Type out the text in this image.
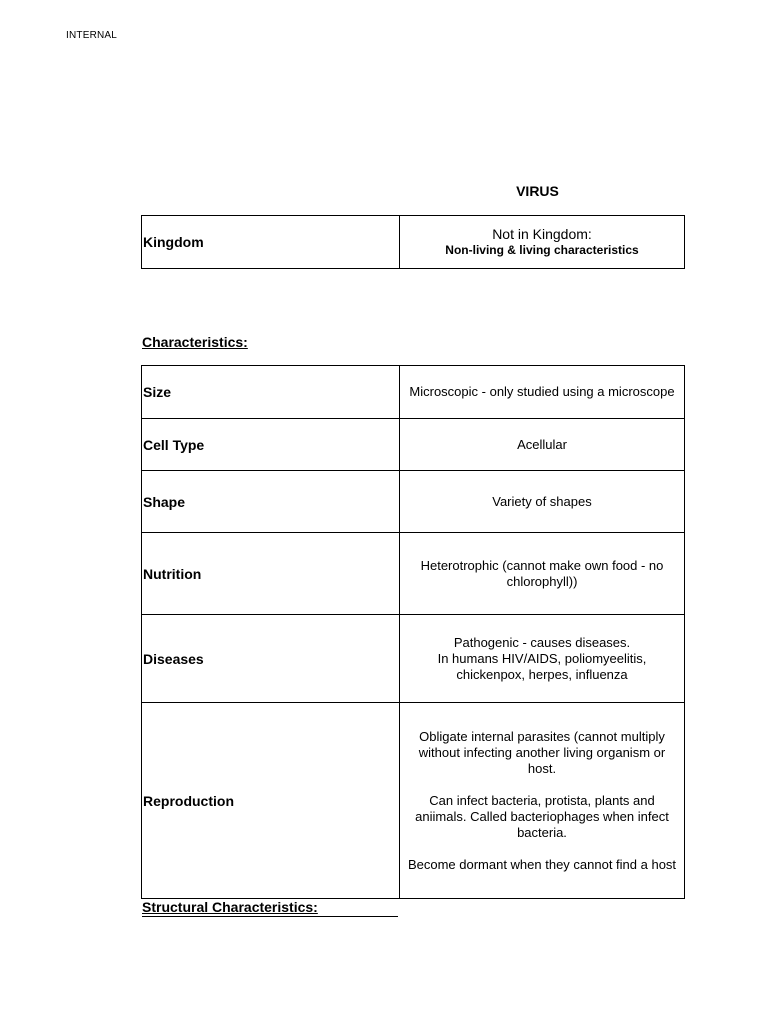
INTERNAL
VIRUS
Kingdom	Not in Kingdom:
Non-living & living characteristics
Characteristics:
Size	Microscopic - only studied using a microscope
Cell Type	Acellular
Shape	Variety of shapes
Nutrition	Heterotrophic (cannot make own food - no chlorophyll))
Diseases	Pathogenic - causes diseases.
In humans HIV/AIDS, poliomyeelitis, chickenpox, herpes, influenza

Reproduction	Obligate internal parasites (cannot multiply without infecting another living organism or host.
Can infect bacteria, protista, plants and aniimals. Called bacteriophages when infect bacteria.
Become dormant when they cannot find a host
Structural Characteristics:
